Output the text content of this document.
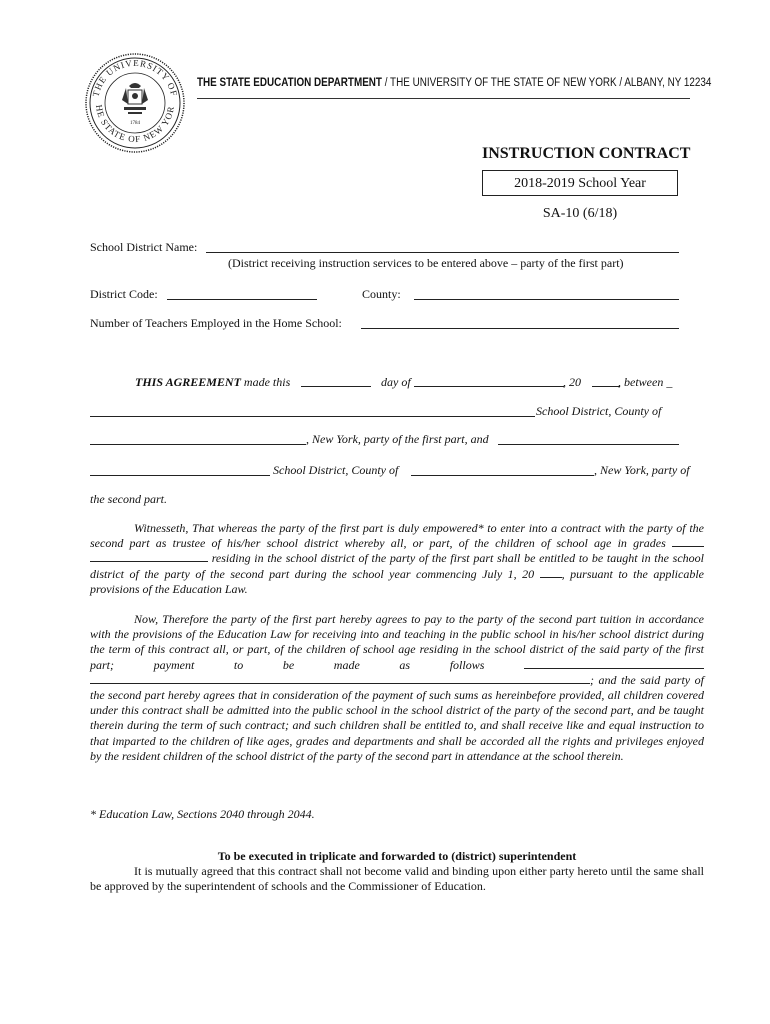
THE UNIVERSITY OF
HE STATE OF NEW YOR
1784
THE STATE EDUCATION DEPARTMENT / THE UNIVERSITY OF THE STATE OF NEW YORK / ALBANY, NY 12234
INSTRUCTION CONTRACT
2018-2019 School Year
SA-10 (6/18)
School District Name:
(District receiving instruction services to be entered above – party of the first part)
District Code:	County:
Number of Teachers Employed in the Home School:
THIS AGREEMENT made this	day of	, 20	, between _
School District, County of
, New York, party of the first part, and
School District, County of	, New York, party of
the second part.

Witnesseth, That whereas the party of the first part is duly empowered* to enter into a contract with the party of the second part as trustee of his/her school district whereby all, or part, of the children of school age in grades   residing in the school district of the party of the first part shall be entitled to be taught in the school district of the party of the second part during the school year commencing July 1, 20 , pursuant to the applicable provisions of the Education Law.

Now, Therefore the party of the first part hereby agrees to pay to the party of the second part tuition in accordance with the provisions of the Education Law for receiving into and teaching in the public school in his/her school district during the term of this contract all, or part, of the children of school age residing in the school district of the said party of the first part; payment to be made as follows  ; and the said party of the second part hereby agrees that in consideration of the payment of such sums as hereinbefore provided, all children covered under this contract shall be admitted into the public school in the school district of the party of the second part, and be taught therein during the term of such contract; and such children shall be entitled to, and shall receive like and equal instruction to that imparted to the children of like ages, grades and departments and shall be accorded all the rights and privileges enjoyed by the resident children of the school district of the party of the second part in attendance at the school therein.

* Education Law, Sections 2040 through 2044.
To be executed in triplicate and forwarded to (district) superintendent

It is mutually agreed that this contract shall not become valid and binding upon either party hereto until the same shall be approved by the superintendent of schools and the Commissioner of Education.
